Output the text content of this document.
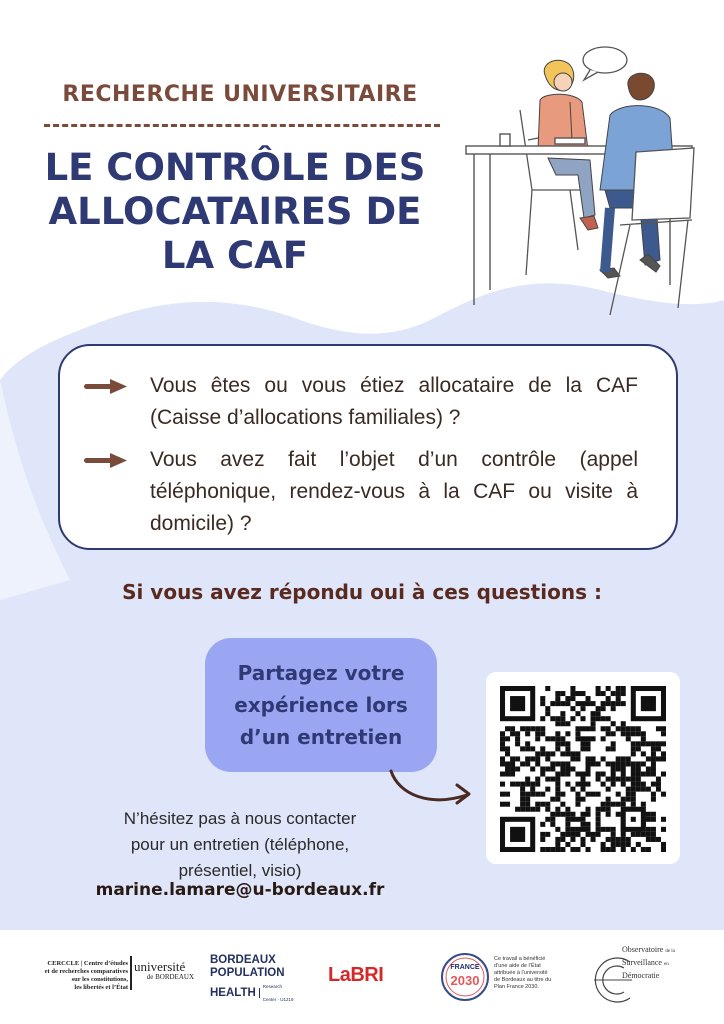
RECHERCHE UNIVERSITAIRE
LE CONTRÔLE DES
ALLOCATAIRES DE
LA CAF
Vous êtes ou vous étiez allocataire de la CAF (Caisse d’allocations familiales) ?
Vous avez fait l’objet d’un contrôle (appel téléphonique, rendez-vous à la CAF ou visite à domicile) ?
Si vous avez répondu oui à ces questions :
Partagez votre
expérience lors
d’un entretien
N’hésitez pas à nous contacter
pour un entretien (téléphone,
présentiel, visio)
marine.lamare@u-bordeaux.fr
CERCCLE | Centre d’études
et de recherches comparatives
sur les constitutions,
les libertés et l’État
université
de BORDEAUX
BORDEAUX
POPULATION
HEALTH Research
Center · U1219
LaBRI	FRANCE
2030
Ce travail a bénéficié
d’une aide de l’État
attribuée à l’université
de Bordeaux au titre du
Plan France 2030.
Observatoire de la
Surveillance en
Démocratie
